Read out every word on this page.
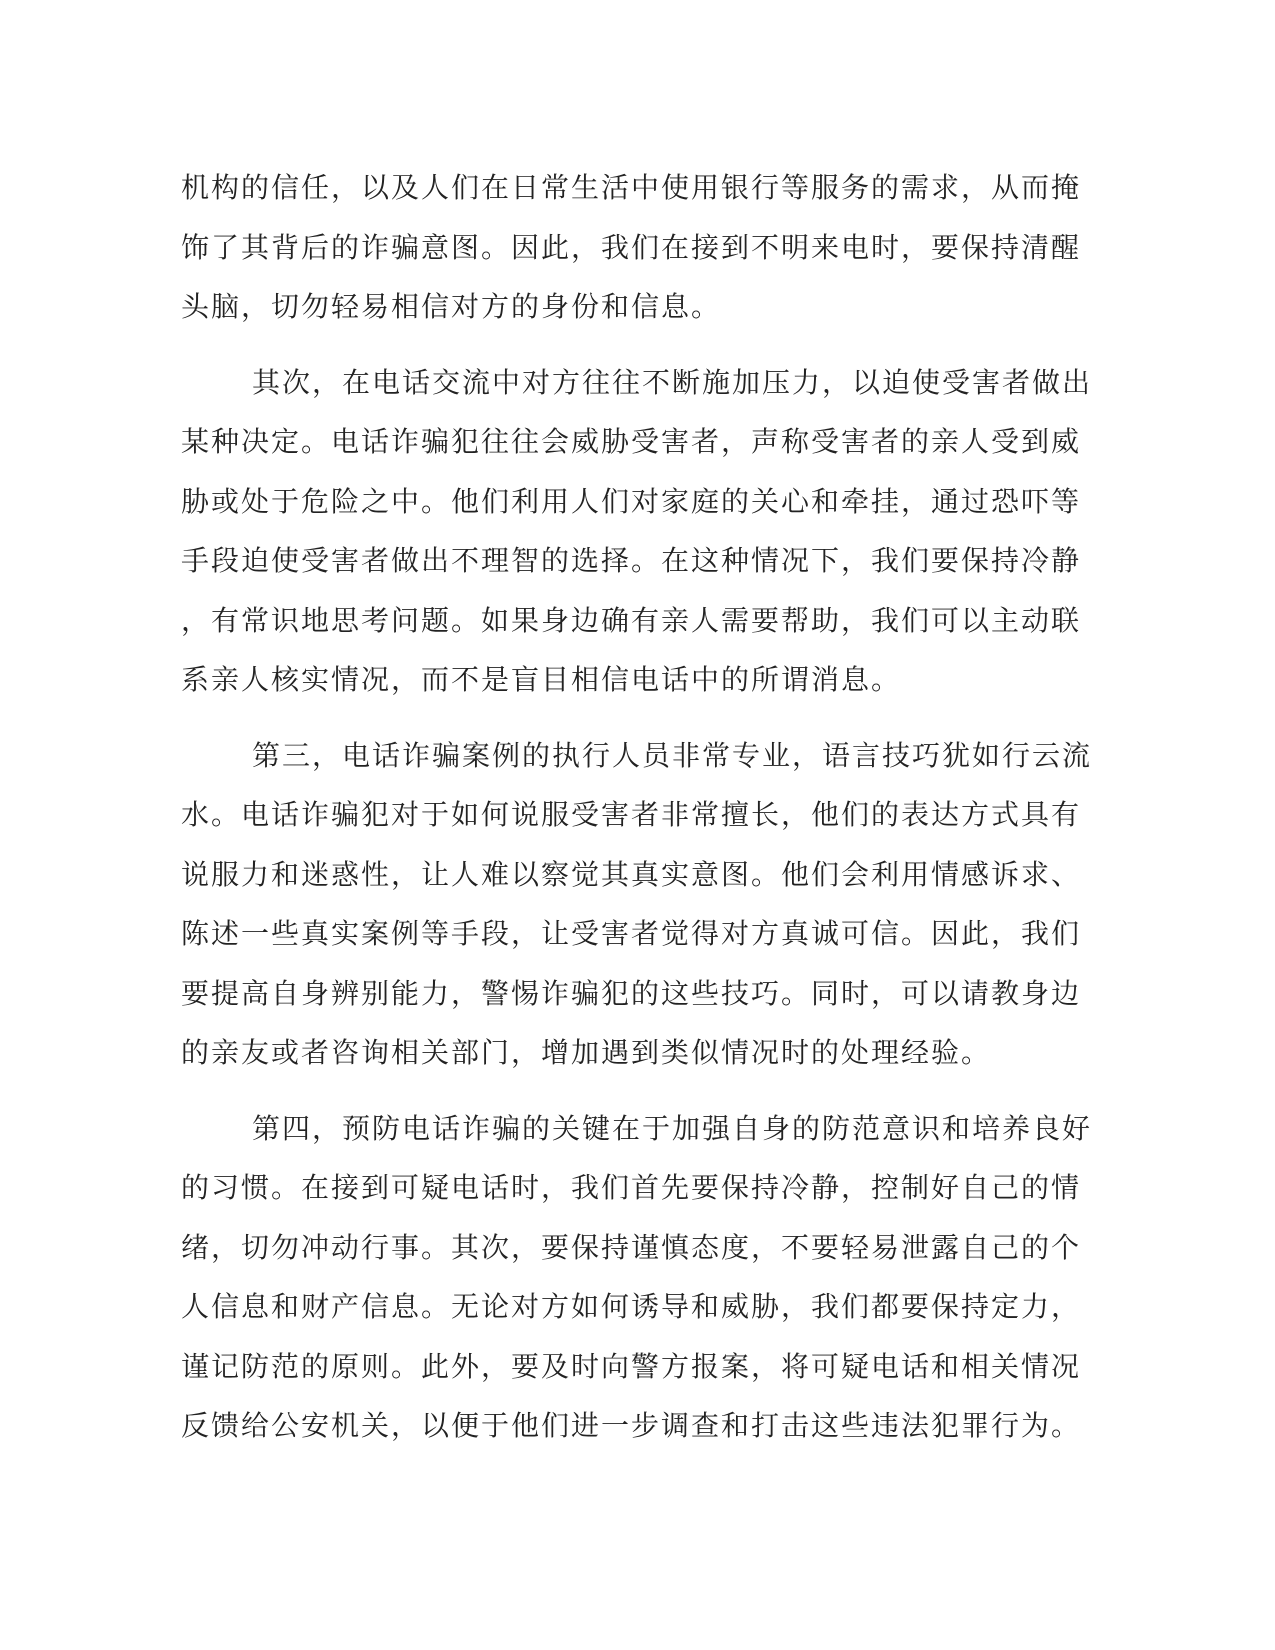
机构的信任，以及人们在日常生活中使用银行等服务的需求，从而掩
饰了其背后的诈骗意图。因此，我们在接到不明来电时，要保持清醒
头脑，切勿轻易相信对方的身份和信息。
其次，在电话交流中对方往往不断施加压力，以迫使受害者做出
某种决定。电话诈骗犯往往会威胁受害者，声称受害者的亲人受到威
胁或处于危险之中。他们利用人们对家庭的关心和牵挂，通过恐吓等
手段迫使受害者做出不理智的选择。在这种情况下，我们要保持冷静
，有常识地思考问题。如果身边确有亲人需要帮助，我们可以主动联
系亲人核实情况，而不是盲目相信电话中的所谓消息。
第三，电话诈骗案例的执行人员非常专业，语言技巧犹如行云流
水。电话诈骗犯对于如何说服受害者非常擅长，他们的表达方式具有
说服力和迷惑性，让人难以察觉其真实意图。他们会利用情感诉求、
陈述一些真实案例等手段，让受害者觉得对方真诚可信。因此，我们
要提高自身辨别能力，警惕诈骗犯的这些技巧。同时，可以请教身边
的亲友或者咨询相关部门，增加遇到类似情况时的处理经验。
第四，预防电话诈骗的关键在于加强自身的防范意识和培养良好
的习惯。在接到可疑电话时，我们首先要保持冷静，控制好自己的情
绪，切勿冲动行事。其次，要保持谨慎态度，不要轻易泄露自己的个
人信息和财产信息。无论对方如何诱导和威胁，我们都要保持定力，
谨记防范的原则。此外，要及时向警方报案，将可疑电话和相关情况
反馈给公安机关，以便于他们进一步调查和打击这些违法犯罪行为。
